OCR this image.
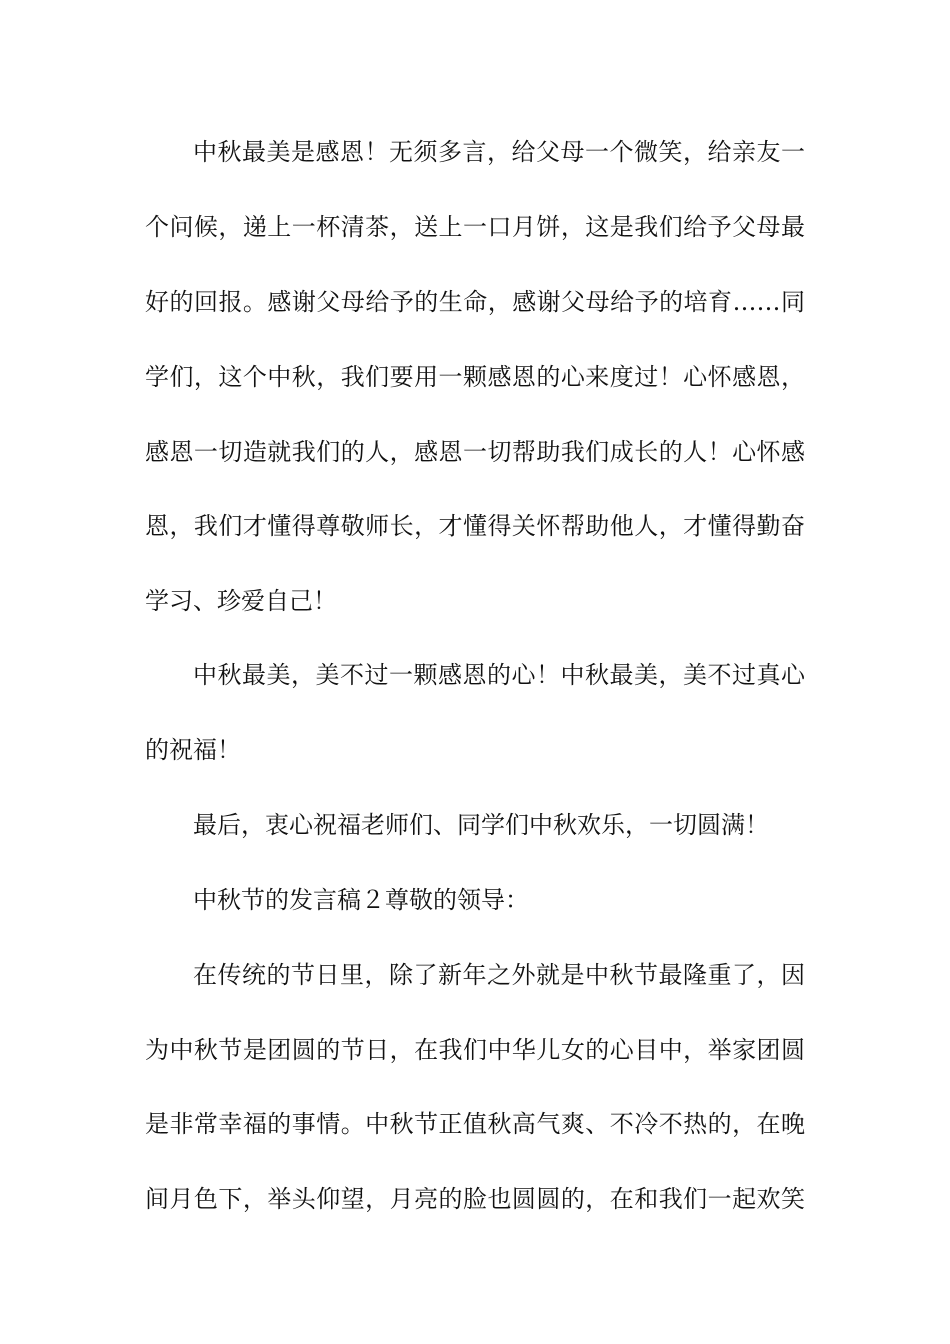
中秋最美是感恩！无须多言，给父母一个微笑，给亲友一

个问候，递上一杯清茶，送上一口月饼，这是我们给予父母最

好的回报。感谢父母给予的生命，感谢父母给予的培育……同

学们，这个中秋，我们要用一颗感恩的心来度过！心怀感恩，

感恩一切造就我们的人，感恩一切帮助我们成长的人！心怀感

恩，我们才懂得尊敬师长，才懂得关怀帮助他人，才懂得勤奋

学习、珍爱自己！

中秋最美，美不过一颗感恩的心！中秋最美，美不过真心

的祝福！

最后，衷心祝福老师们、同学们中秋欢乐，一切圆满！

中秋节的发言稿２尊敬的领导：

在传统的节日里，除了新年之外就是中秋节最隆重了，因

为中秋节是团圆的节日，在我们中华儿女的心目中，举家团圆

是非常幸福的事情。中秋节正值秋高气爽、不冷不热的，在晚

间月色下，举头仰望，月亮的脸也圆圆的，在和我们一起欢笑
